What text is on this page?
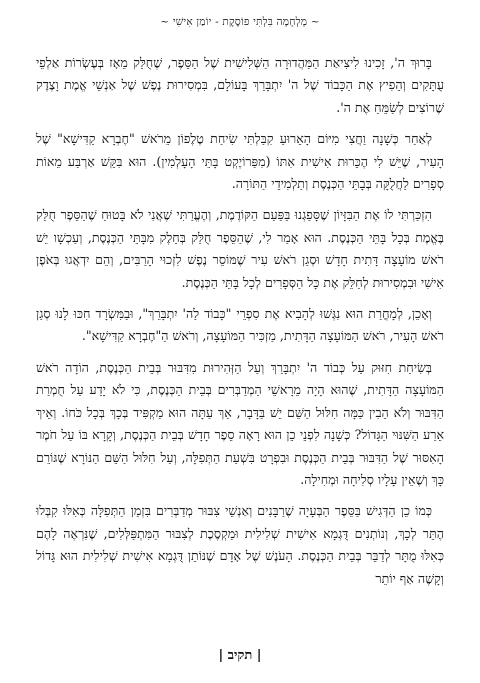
~ מְלְחָמָה בִּלְתִּי פוֹסֶקֶת - יוֹמַן אִישִׁי ~

בָּרוּךְ ה', זָכִינוּ לִיצִיאַת הַמַּהֲדוּרָה הַשְּׁלִישִׁית שֶׁל הַסֵּפֶר, שֶׁחֻלַּק מֵאָז בְּעֶשְׂרוֹת אַלְפֵי עֻתָּקִים וְהֵפִיץ אֶת הַכָּבוֹד שֶׁל ה' יִתְבָּרַךְ בָּעוֹלָם, בִּמְסִירוּת נֶפֶשׁ שֶׁל אַנְשֵׁי אֱמֶת וָצֶדֶק שֶׁרוֹצִים לְשַׂמֵּחַ אֶת ה'.

לְאַחַר כְּשָׁנָה וַחֲצִי מִיּוֹם הָאֵרוּעַ קִבַּלְתִּי שִׂיחַת טֶלֶפוֹן מֵרֹאשׁ "חֶבְרָא קַדִּישָׁא" שֶׁל הָעִיר, שֶׁיֵּשׁ לִי הֶכֵּרוּת אִישִׁית אִתּוֹ (מִפַּרוֹיֶקְט בָּתֵּי הָעָלְמִין). הוּא בִּקֵּשׁ אַרְבַּע מֵאוֹת סְפָרִים לַחֲלֻקָּה בְּבָתֵּי הַכְּנֶסֶת וְתַלְמִידֵי הַתּוֹרָה.

הִזְכַּרְתִּי לוֹ אֶת הַבִּזָּיוֹן שֶׁסָּפַגְנוּ בַּפַּעַם הַקּוֹדֶמֶת, וְהֶעֱרַתִּי שֶׁאֲנִי לֹא בָּטוּחַ שֶׁהַסֵּפֶר חֻלַּק בֶּאֱמֶת בְּכָל בָּתֵּי הַכְּנֶסֶת. הוּא אָמַר לִי, שֶׁהַסֵּפֶר חֻלַּק בְּחֵלֶק מִבָּתֵּי הַכְּנֶסֶת, וְעַכְשָׁו יֵשׁ רֹאשׁ מוֹעָצָה דָּתִית חָדָשׁ וּסְגַן רֹאשׁ עִיר שֶׁמּוֹסֵר נֶפֶשׁ לִזְכוּי הָרַבִּים, וְהֵם יִדְאֲגוּ בְּאֹפֶן אִישִׁי וּבִמְסִירוּת לְחַלֵּק אֶת כָּל הַסְּפָרִים לְכָל בָּתֵּי הַכְּנֶסֶת.

וְאָכֵן, לְמָחֳרַת הוּא נִגְּשׁוּ לְהָבִיא אֶת סִפְרֵי "כָּבוֹד לַה' יִתְבָּרֵךְ", וּבַמִּשְׂרָד חִכּוּ לָנוּ סְגַן רֹאשׁ הָעִיר, רֹאשׁ הַמּוֹעָצָה הַדָּתִית, מַזְכִּיר הַמּוֹעָצָה, וְרֹאשׁ הַ"חֶבְרָא קַדִּישָׁא".

בְּשִׂיחַת חִזּוּק עַל כְּבוֹד ה' יִתְבָּרַךְ וְעַל הַזְּהִירוּת מִדִּבּוּר בְּבֵית הַכְּנֶסֶת, הוֹדָה רֹאשׁ הַמּוֹעָצָה הַדָּתִית, שֶׁהוּא הָיָה מֵרָאשֵׁי הַמְדַבְּרִים בְּבֵית הַכְּנֶסֶת, כִּי לֹא יָדַע עַל חֻמְרַת הַדִּבּוּר וְלֹא הֵבִין כַּמָּה חִלּוּל הַשֵּׁם יֵשׁ בַּדָּבָר, אַךְ עַתָּה הוּא מַקְפִּיד בְּכָךְ בְּכָל כֹּחוֹ. וְאֵיךְ אֵרַע הַשִּׁנּוּי הַגָּדוֹל? כְּשָׁנָה לִפְנֵי כֵן הוּא רָאָה סֵפֶר חָדָשׁ בְּבֵית הַכְּנֶסֶת, וְקָרָא בּוֹ עַל חֹמֶר הָאִסּוּר שֶׁל הַדִּבּוּר בְּבֵית הַכְּנֶסֶת וּבִפְרָט בִּשְׁעַת הַתְּפִלָּה, וְעַל חִלּוּל הַשֵּׁם הַנּוֹרָא שֶׁגּוֹרֵם כָּךְ וְשֶׁאֵין עָלָיו סְלִיחָה וּמְחִילָה.

כְּמוֹ כֵן הַדְּגִישׁ בַּסֵּפֶר הַבְּעָיָה שֶׁרַבָּנִים וְאַנְשֵׁי צִבּוּר מְדַבְּרִים בִּזְמַן הַתְּפִלָּה כְּאִלּוּ קִבְּלוּ הֶתֵּר לְכָךְ, וְנוֹתְנִים דֻּגְמָא אִישִׁית שְׁלִילִית וּמַקְסֶכֶת לְצִבּוּר הַמִּתְפַּלְּלִים, שֶׁנִּרְאֶה לָהֶם כְּאִלּוּ מֻתָּר לְדַבֵּר בְּבֵית הַכְּנֶסֶת. הָעֹנֶשׁ שֶׁל אָדָם שֶׁנּוֹתֵן דֻּגְמָא אִישִׁית שְׁלִילִית הוּא גָּדוֹל וְקָשֶׁה אַף יוֹתֵר

| תקיב |
